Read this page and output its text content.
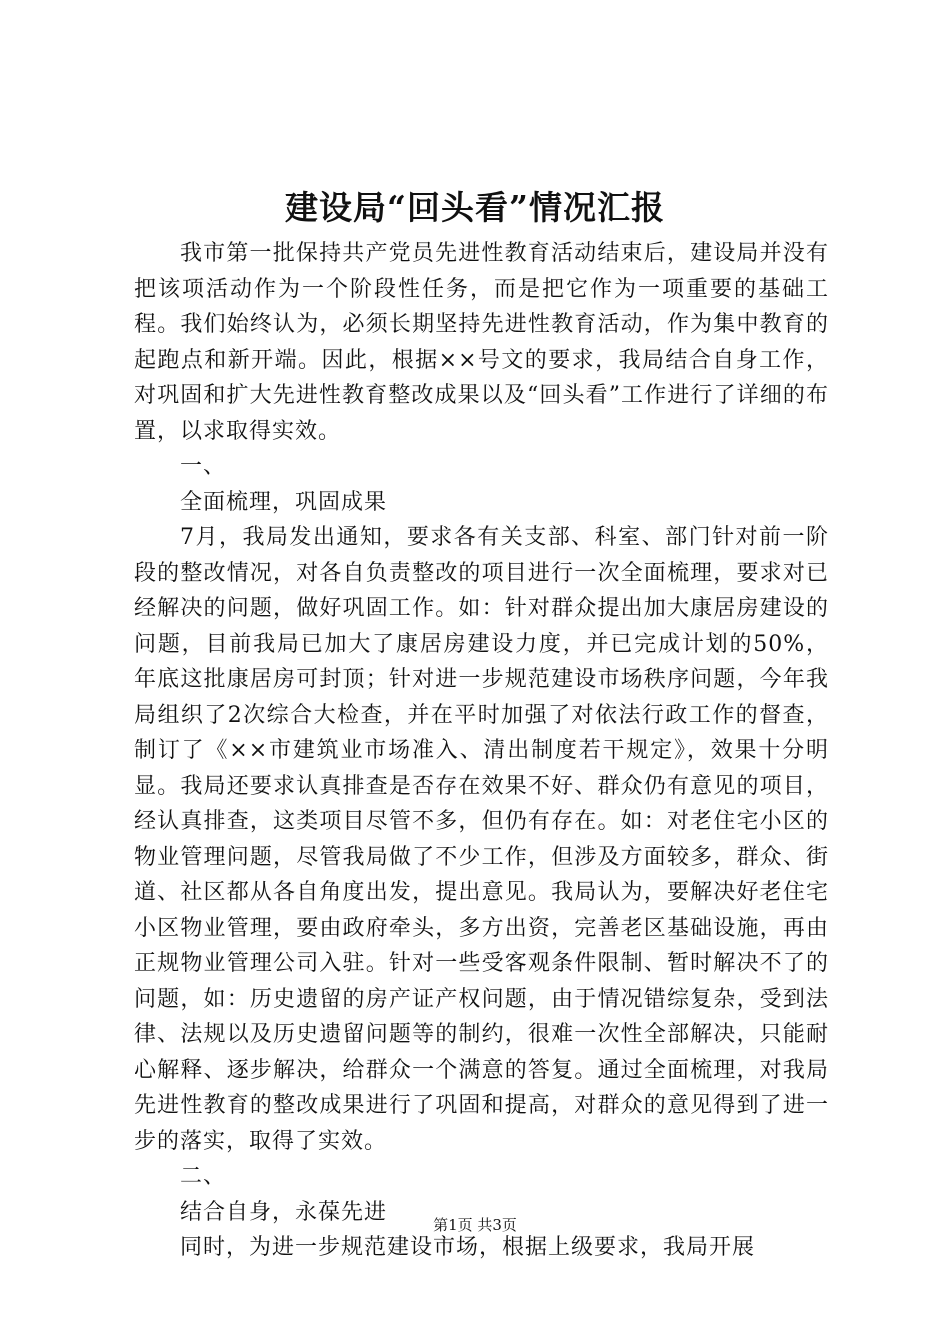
建设局“回头看”情况汇报

我市第一批保持共产党员先进性教育活动结束后，建设局并没有把该项活动作为一个阶段性任务，而是把它作为一项重要的基础工程。我们始终认为，必须长期坚持先进性教育活动，作为集中教育的起跑点和新开端。因此，根据××号文的要求，我局结合自身工作，对巩固和扩大先进性教育整改成果以及“回头看”工作进行了详细的布置，以求取得实效。

一、

全面梳理，巩固成果

7月，我局发出通知，要求各有关支部、科室、部门针对前一阶段的整改情况，对各自负责整改的项目进行一次全面梳理，要求对已经解决的问题，做好巩固工作。如：针对群众提出加大康居房建设的问题，目前我局已加大了康居房建设力度，并已完成计划的50%，年底这批康居房可封顶；针对进一步规范建设市场秩序问题，今年我局组织了2次综合大检查，并在平时加强了对依法行政工作的督查，制订了《××市建筑业市场准入、清出制度若干规定》，效果十分明显。我局还要求认真排查是否存在效果不好、群众仍有意见的项目，经认真排查，这类项目尽管不多，但仍有存在。如：对老住宅小区的物业管理问题，尽管我局做了不少工作，但涉及方面较多，群众、街道、社区都从各自角度出发，提出意见。我局认为，要解决好老住宅小区物业管理，要由政府牵头，多方出资，完善老区基础设施，再由正规物业管理公司入驻。针对一些受客观条件限制、暂时解决不了的问题，如：历史遗留的房产证产权问题，由于情况错综复杂，受到法律、法规以及历史遗留问题等的制约，很难一次性全部解决，只能耐心解释、逐步解决，给群众一个满意的答复。通过全面梳理，对我局先进性教育的整改成果进行了巩固和提高，对群众的意见得到了进一步的落实，取得了实效。

二、

结合自身，永葆先进

同时，为进一步规范建设市场，根据上级要求，我局开展

第1页 共3页
